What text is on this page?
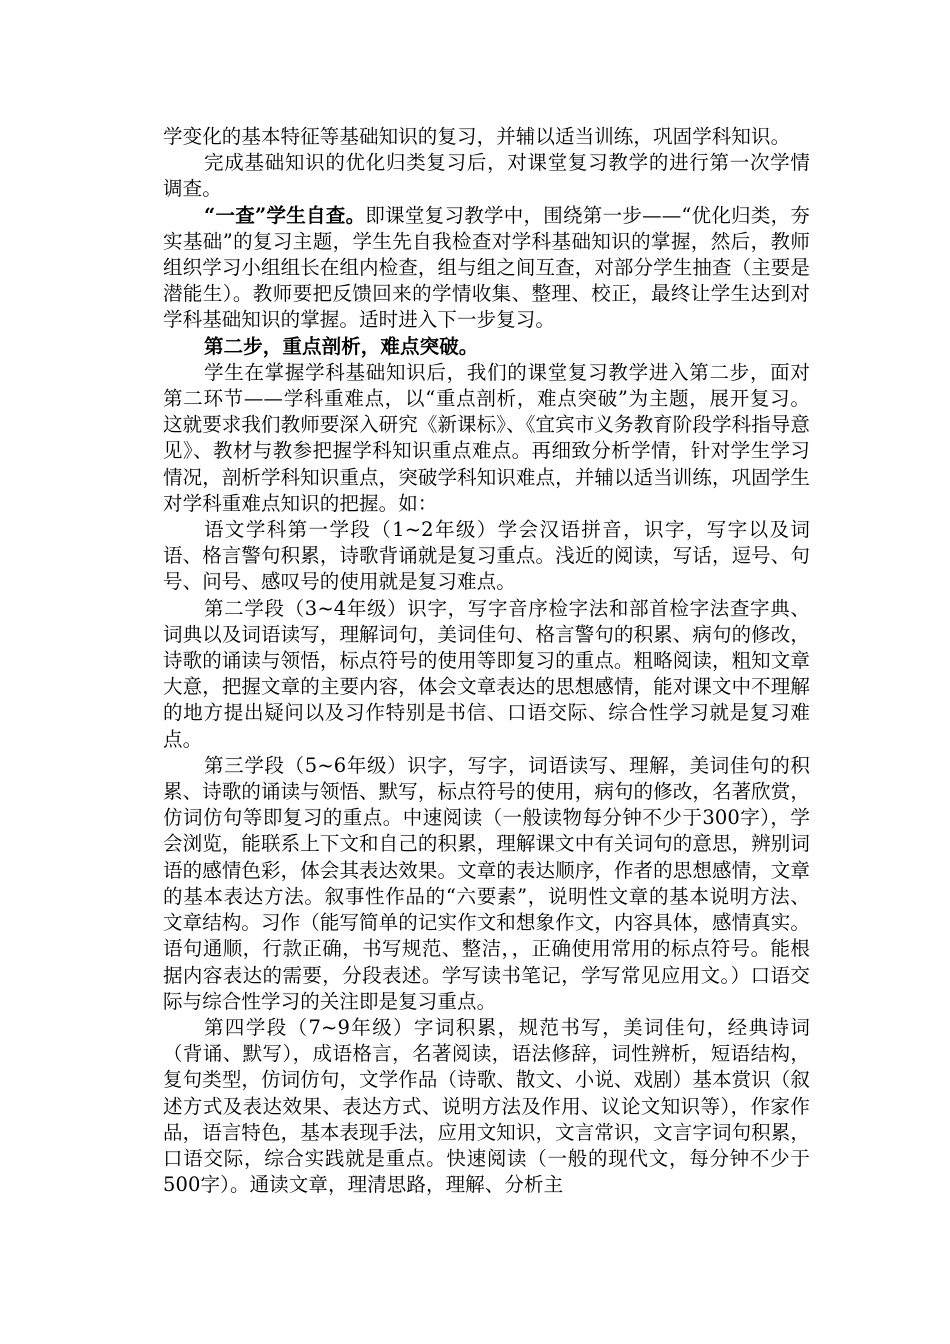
学变化的基本特征等基础知识的复习，并辅以适当训练，巩固学科知识。

完成基础知识的优化归类复习后，对课堂复习教学的进行第一次学情调查。

“一查”学生自查。即课堂复习教学中，围绕第一步——“优化归类，夯实基础”的复习主题，学生先自我检查对学科基础知识的掌握，然后，教师组织学习小组组长在组内检查，组与组之间互查，对部分学生抽查（主要是潜能生）。教师要把反馈回来的学情收集、整理、校正，最终让学生达到对学科基础知识的掌握。适时进入下一步复习。

第二步，重点剖析，难点突破。

学生在掌握学科基础知识后，我们的课堂复习教学进入第二步，面对第二环节——学科重难点，以“重点剖析，难点突破”为主题，展开复习。这就要求我们教师要深入研究《新课标》、《宜宾市义务教育阶段学科指导意见》、教材与教参把握学科知识重点难点。再细致分析学情，针对学生学习情况，剖析学科知识重点，突破学科知识难点，并辅以适当训练，巩固学生对学科重难点知识的把握。如：

语文学科第一学段（1~2年级）学会汉语拼音，识字，写字以及词语、格言警句积累，诗歌背诵就是复习重点。浅近的阅读，写话，逗号、句号、问号、感叹号的使用就是复习难点。

第二学段（3~4年级）识字，写字音序检字法和部首检字法查字典、词典以及词语读写，理解词句，美词佳句、格言警句的积累、病句的修改，诗歌的诵读与领悟，标点符号的使用等即复习的重点。粗略阅读，粗知文章大意，把握文章的主要内容，体会文章表达的思想感情，能对课文中不理解的地方提出疑问以及习作特别是书信、口语交际、综合性学习就是复习难点。

第三学段（5~6年级）识字，写字，词语读写、理解，美词佳句的积累、诗歌的诵读与领悟、默写，标点符号的使用，病句的修改，名著欣赏，仿词仿句等即复习的重点。中速阅读（一般读物每分钟不少于300字），学会浏览，能联系上下文和自己的积累，理解课文中有关词句的意思，辨别词语的感情色彩，体会其表达效果。文章的表达顺序，作者的思想感情，文章的基本表达方法。叙事性作品的“六要素”，说明性文章的基本说明方法、文章结构。习作（能写简单的记实作文和想象作文，内容具体，感情真实。语句通顺，行款正确，书写规范、整洁，，正确使用常用的标点符号。能根据内容表达的需要，分段表述。学写读书笔记，学写常见应用文。）口语交际与综合性学习的关注即是复习重点。

第四学段（7~9年级）字词积累，规范书写，美词佳句，经典诗词（背诵、默写），成语格言，名著阅读，语法修辞，词性辨析，短语结构，复句类型，仿词仿句，文学作品（诗歌、散文、小说、戏剧）基本赏识（叙述方式及表达效果、表达方式、说明方法及作用、议论文知识等），作家作品，语言特色，基本表现手法，应用文知识，文言常识，文言字词句积累，口语交际，综合实践就是重点。快速阅读（一般的现代文，每分钟不少于500字）。通读文章，理清思路，理解、分析主
